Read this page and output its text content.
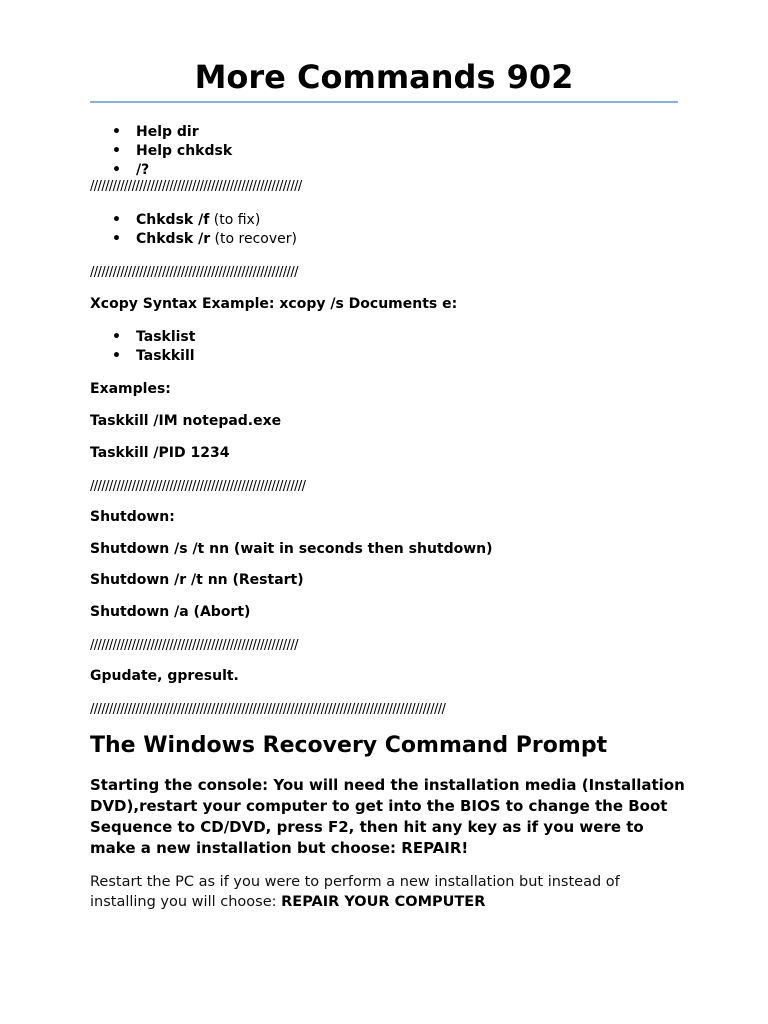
More Commands 902
• Help dir
• Help chkdsk
• /?

////////////////////////////////////////////////////////

• Chkdsk /f (to fix)
• Chkdsk /r (to recover)

///////////////////////////////////////////////////////

Xcopy Syntax Example: xcopy /s Documents e:

• Tasklist
• Taskkill

Examples:

Taskkill /IM notepad.exe

Taskkill /PID 1234

/////////////////////////////////////////////////////////

Shutdown:

Shutdown /s /t nn (wait in seconds then shutdown)

Shutdown /r /t nn (Restart)

Shutdown /a (Abort)

///////////////////////////////////////////////////////

Gpudate, gpresult.

//////////////////////////////////////////////////////////////////////////////////////////////

The Windows Recovery Command Prompt

Starting the console: You will need the installation media (Installation DVD),restart your computer to get into the BIOS to change the Boot Sequence to CD/DVD, press F2, then hit any key as if you were to make a new installation but choose: REPAIR!

Restart the PC as if you were to perform a new installation but instead of installing you will choose: REPAIR YOUR COMPUTER
